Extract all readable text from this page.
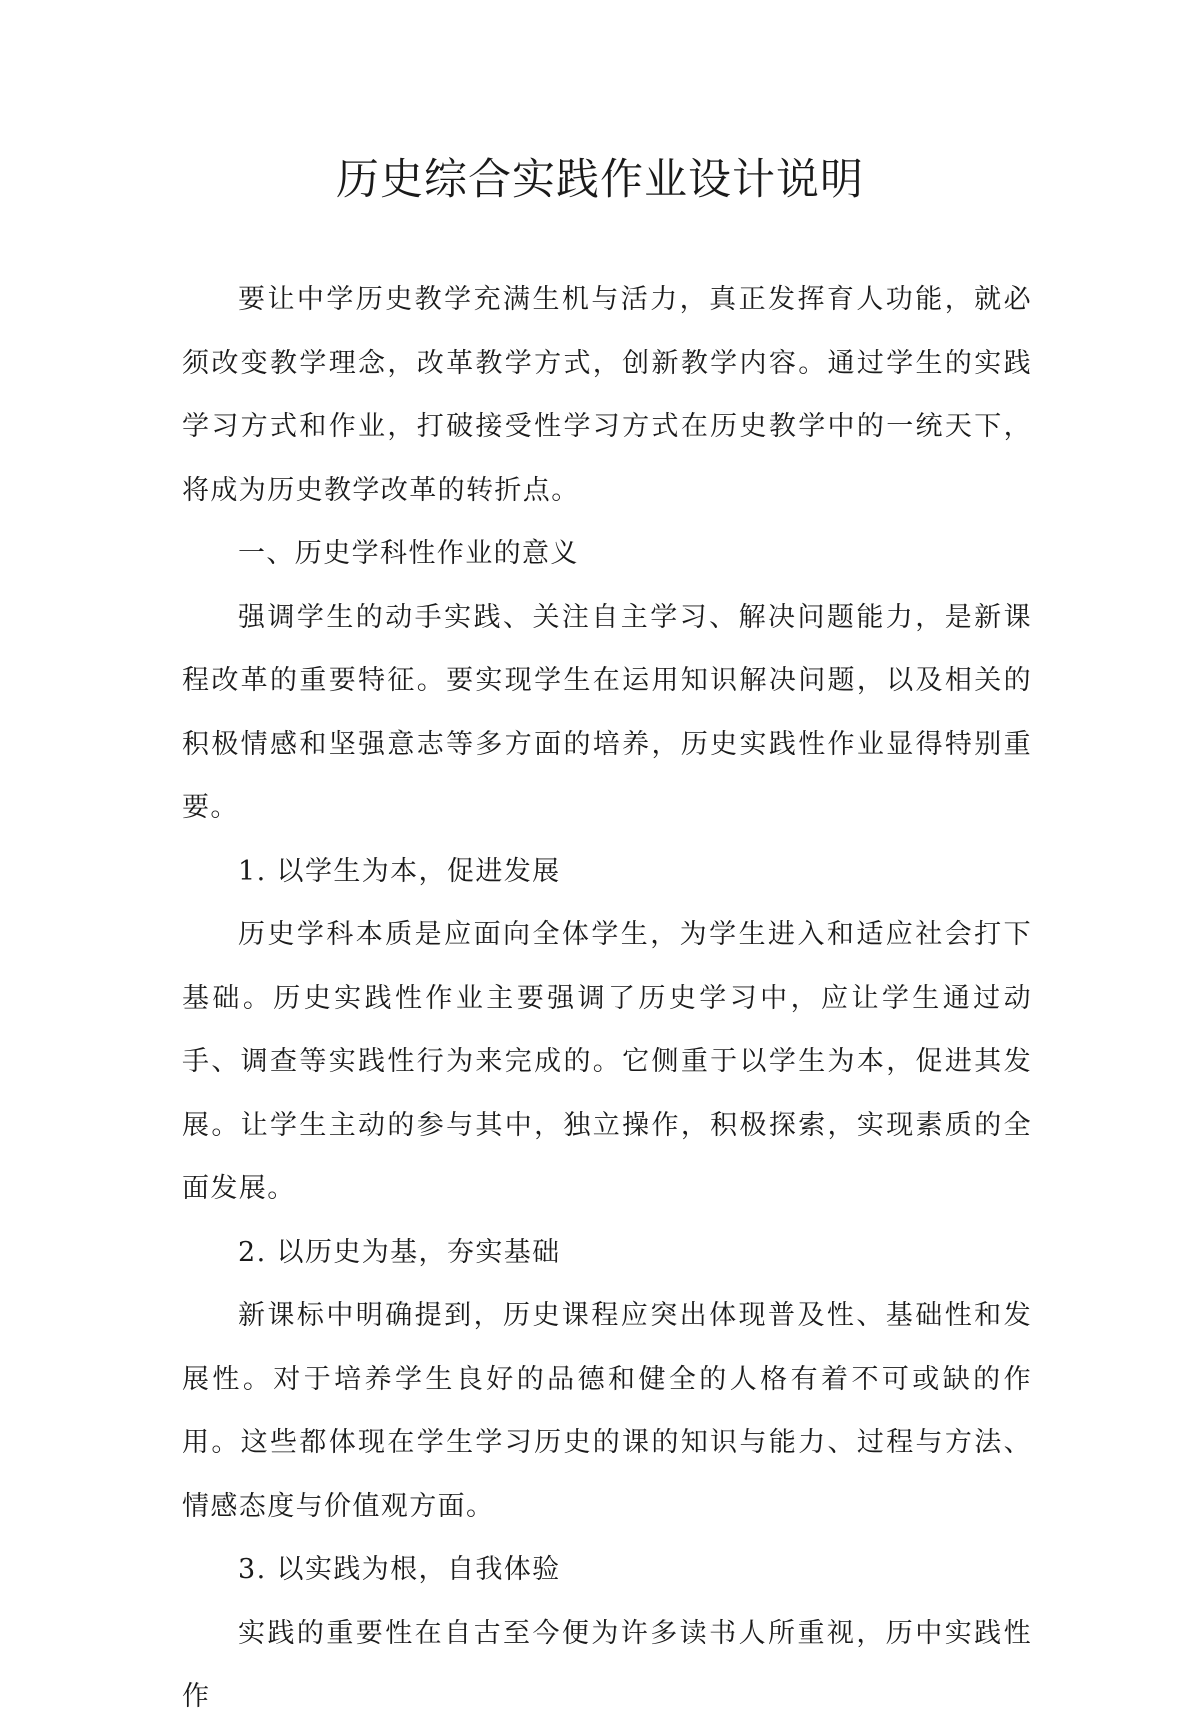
历史综合实践作业设计说明

要让中学历史教学充满生机与活力，真正发挥育人功能，就必须改变教学理念，改革教学方式，创新教学内容。通过学生的实践学习方式和作业，打破接受性学习方式在历史教学中的一统天下，将成为历史教学改革的转折点。

一、历史学科性作业的意义

强调学生的动手实践、关注自主学习、解决问题能力，是新课程改革的重要特征。要实现学生在运用知识解决问题，以及相关的积极情感和坚强意志等多方面的培养，历史实践性作业显得特别重要。

1. 以学生为本，促进发展

历史学科本质是应面向全体学生，为学生进入和适应社会打下基础。历史实践性作业主要强调了历史学习中，应让学生通过动手、调查等实践性行为来完成的。它侧重于以学生为本，促进其发展。让学生主动的参与其中，独立操作，积极探索，实现素质的全面发展。

2. 以历史为基，夯实基础

新课标中明确提到，历史课程应突出体现普及性、基础性和发展性。对于培养学生良好的品德和健全的人格有着不可或缺的作用。这些都体现在学生学习历史的课的知识与能力、过程与方法、情感态度与价值观方面。

3. 以实践为根，自我体验

实践的重要性在自古至今便为许多读书人所重视，历中实践性作
